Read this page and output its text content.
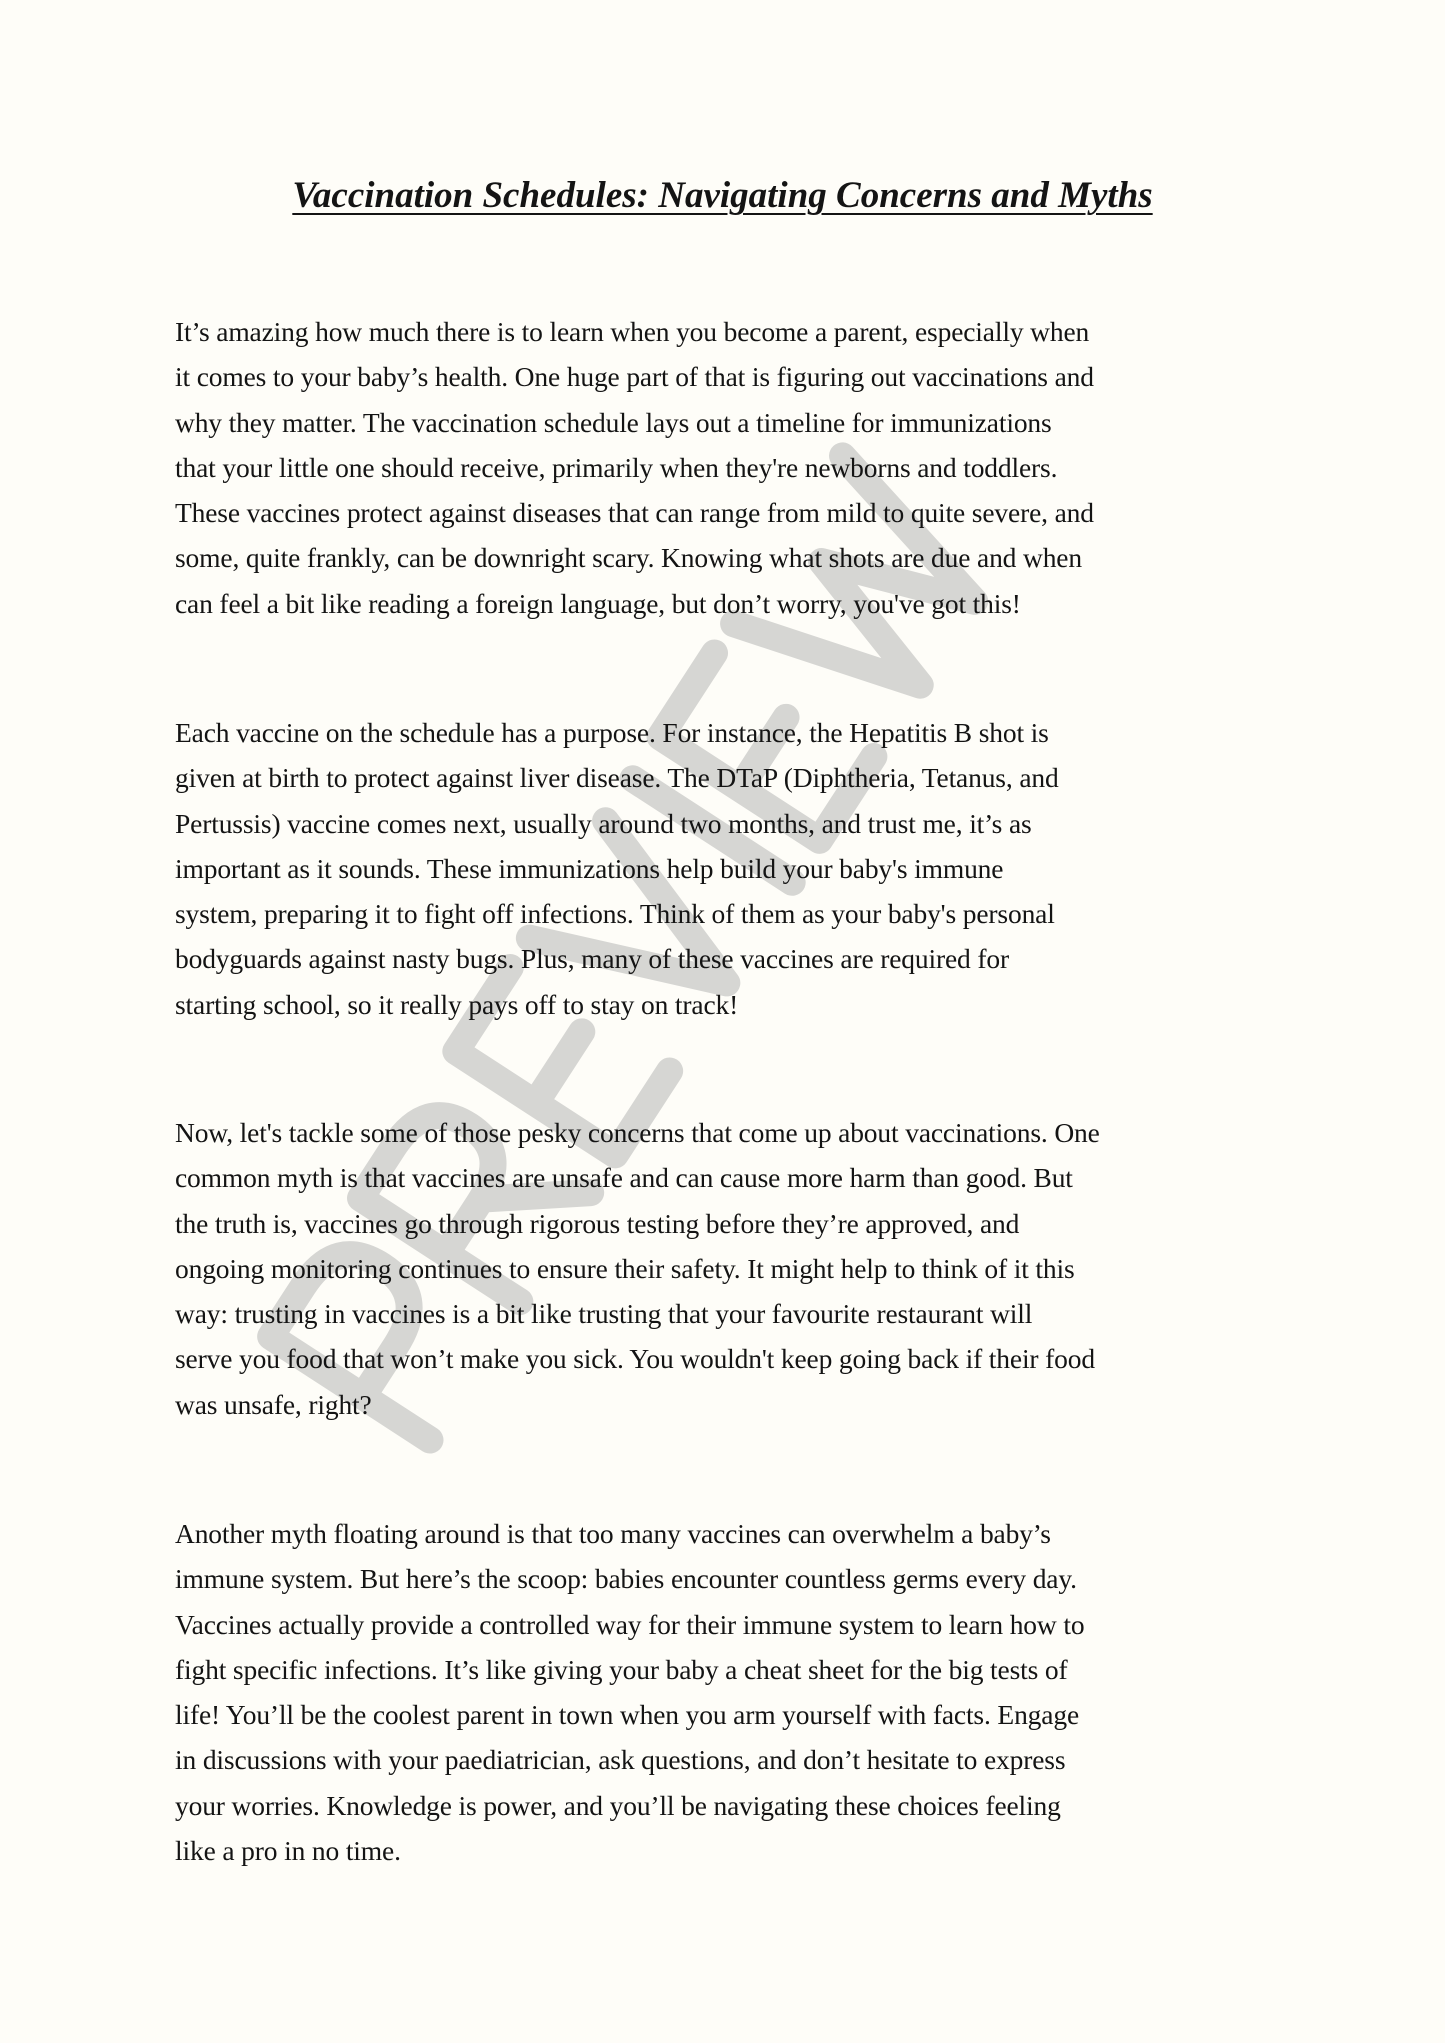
Vaccination Schedules: Navigating Concerns and Myths

It’s amazing how much there is to learn when you become a parent, especially when
it comes to your baby’s health. One huge part of that is figuring out vaccinations and
why they matter. The vaccination schedule lays out a timeline for immunizations
that your little one should receive, primarily when they're newborns and toddlers.
These vaccines protect against diseases that can range from mild to quite severe, and
some, quite frankly, can be downright scary. Knowing what shots are due and when
can feel a bit like reading a foreign language, but don’t worry, you've got this!

Each vaccine on the schedule has a purpose. For instance, the Hepatitis B shot is
given at birth to protect against liver disease. The DTaP (Diphtheria, Tetanus, and
Pertussis) vaccine comes next, usually around two months, and trust me, it’s as
important as it sounds. These immunizations help build your baby's immune
system, preparing it to fight off infections. Think of them as your baby's personal
bodyguards against nasty bugs. Plus, many of these vaccines are required for
starting school, so it really pays off to stay on track!

Now, let's tackle some of those pesky concerns that come up about vaccinations. One
common myth is that vaccines are unsafe and can cause more harm than good. But
the truth is, vaccines go through rigorous testing before they’re approved, and
ongoing monitoring continues to ensure their safety. It might help to think of it this
way: trusting in vaccines is a bit like trusting that your favourite restaurant will
serve you food that won’t make you sick. You wouldn't keep going back if their food
was unsafe, right?

Another myth floating around is that too many vaccines can overwhelm a baby’s
immune system. But here’s the scoop: babies encounter countless germs every day.
Vaccines actually provide a controlled way for their immune system to learn how to
fight specific infections. It’s like giving your baby a cheat sheet for the big tests of
life! You’ll be the coolest parent in town when you arm yourself with facts. Engage
in discussions with your paediatrician, ask questions, and don’t hesitate to express
your worries. Knowledge is power, and you’ll be navigating these choices feeling
like a pro in no time.
